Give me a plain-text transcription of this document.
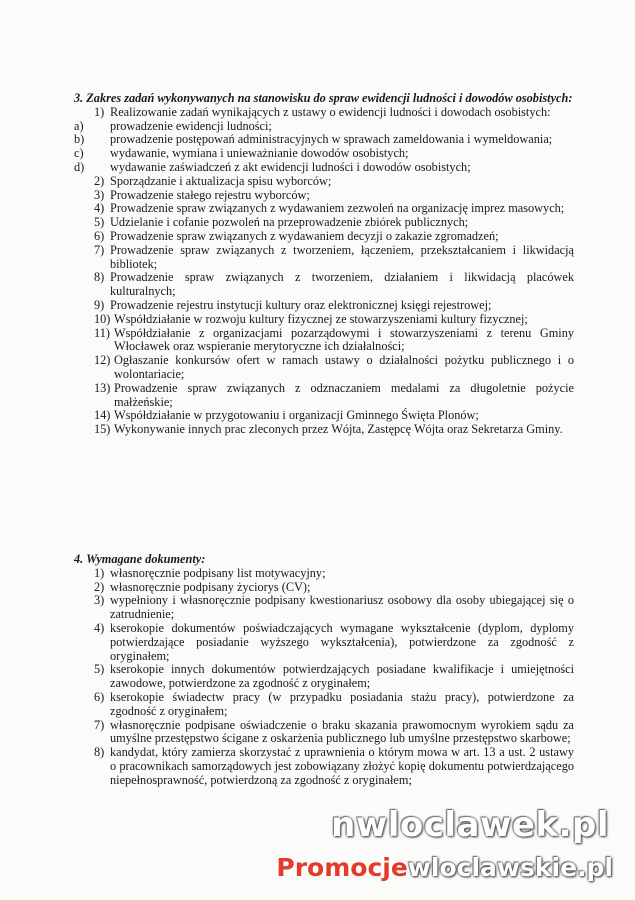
3. Zakres zadań wykonywanych na stanowisku do spraw ewidencji ludności i dowodów osobistych:

1) Realizowanie zadań wynikających z ustawy o ewidencji ludności i dowodach osobistych:
a) prowadzenie ewidencji ludności;
b) prowadzenie postępowań administracyjnych w sprawach zameldowania i wymeldowania;
c) wydawanie, wymiana i unieważnianie dowodów osobistych;
d) wydawanie zaświadczeń z akt ewidencji ludności i dowodów osobistych;
2) Sporządzanie i aktualizacja spisu wyborców;
3) Prowadzenie stałego rejestru wyborców;
4) Prowadzenie spraw związanych z wydawaniem zezwoleń na organizację imprez masowych;
5) Udzielanie i cofanie pozwoleń na przeprowadzenie zbiórek publicznych;
6) Prowadzenie spraw związanych z wydawaniem decyzji o zakazie zgromadzeń;
7) Prowadzenie spraw związanych z tworzeniem, łączeniem, przekształcaniem i likwidacją bibliotek;
8) Prowadzenie spraw związanych z tworzeniem, działaniem i likwidacją placówek kulturalnych;
9) Prowadzenie rejestru instytucji kultury oraz elektronicznej księgi rejestrowej;
10) Współdziałanie w rozwoju kultury fizycznej ze stowarzyszeniami kultury fizycznej;
11) Współdziałanie z organizacjami pozarządowymi i stowarzyszeniami z terenu Gminy Włocławek oraz wspieranie merytoryczne ich działalności;
12) Ogłaszanie konkursów ofert w ramach ustawy o działalności pożytku publicznego i o wolontariacie;
13) Prowadzenie spraw związanych z odznaczaniem medalami za długoletnie pożycie małżeńskie;
14) Współdziałanie w przygotowaniu i organizacji Gminnego Święta Plonów;
15) Wykonywanie innych prac zleconych przez Wójta, Zastępcę Wójta oraz Sekretarza Gminy.

4. Wymagane dokumenty:

1) własnoręcznie podpisany list motywacyjny;
2) własnoręcznie podpisany życiorys (CV);
3) wypełniony i własnoręcznie podpisany kwestionariusz osobowy dla osoby ubiegającej się o zatrudnienie;
4) kserokopie dokumentów poświadczających wymagane wykształcenie (dyplom, dyplomy potwierdzające posiadanie wyższego wykształcenia), potwierdzone za zgodność z oryginałem;
5) kserokopie innych dokumentów potwierdzających posiadane kwalifikacje i umiejętności zawodowe, potwierdzone za zgodność z oryginałem;
6) kserokopie świadectw pracy (w przypadku posiadania stażu pracy), potwierdzone za zgodność z oryginałem;
7) własnoręcznie podpisane oświadczenie o braku skazania prawomocnym wyrokiem sądu za umyślne przestępstwo ścigane z oskarżenia publicznego lub umyślne przestępstwo skarbowe;
8) kandydat, który zamierza skorzystać z uprawnienia o którym mowa w art. 13 a ust. 2 ustawy o pracownikach samorządowych jest zobowiązany złożyć kopię dokumentu potwierdzającego niepełnosprawność, potwierdzoną za zgodność z oryginałem;
nwloclawek.pl
Promocjewloclawskie.pl
